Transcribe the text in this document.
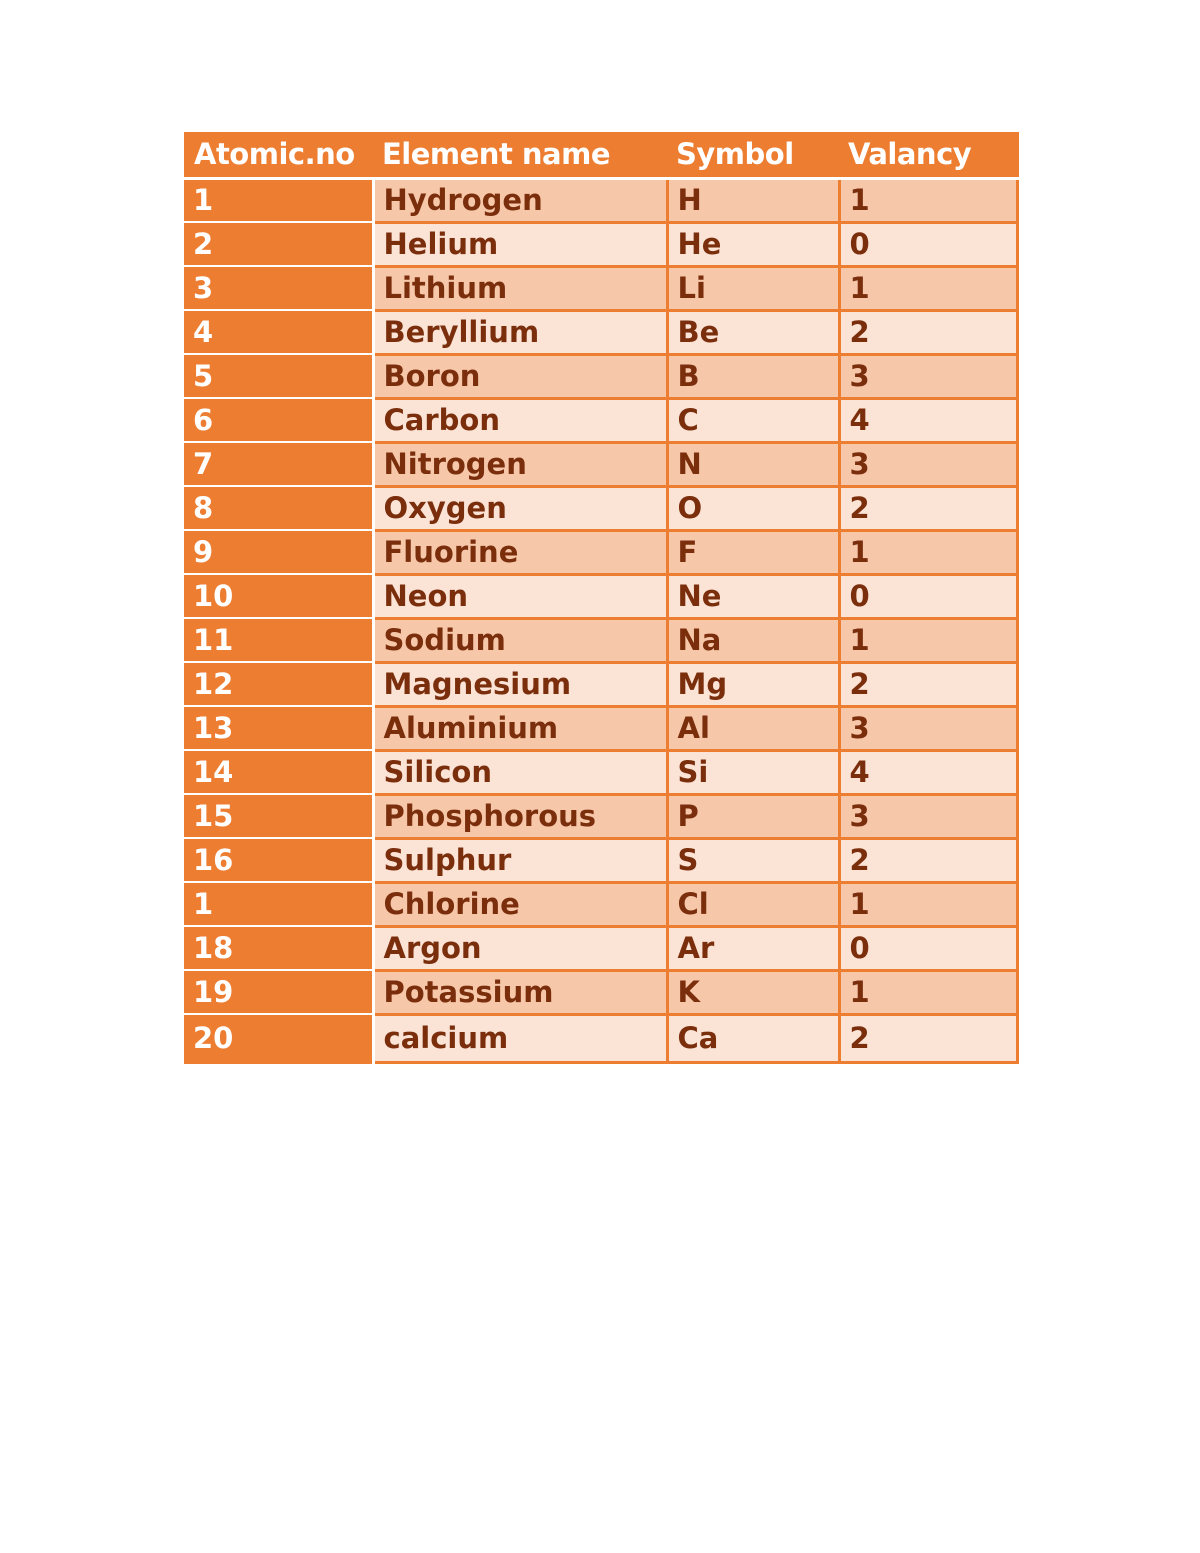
Atomic.no	Element name	Symbol	Valancy
1	Hydrogen	H	1
2	Helium	He	0
3	Lithium	Li	1
4	Beryllium	Be	2
5	Boron	B	3
6	Carbon	C	4
7	Nitrogen	N	3
8	Oxygen	O	2
9	Fluorine	F	1
10	Neon	Ne	0
11	Sodium	Na	1
12	Magnesium	Mg	2
13	Aluminium	Al	3
14	Silicon	Si	4
15	Phosphorous	P	3
16	Sulphur	S	2
1	Chlorine	Cl	1
18	Argon	Ar	0
19	Potassium	K	1
20	calcium	Ca	2
